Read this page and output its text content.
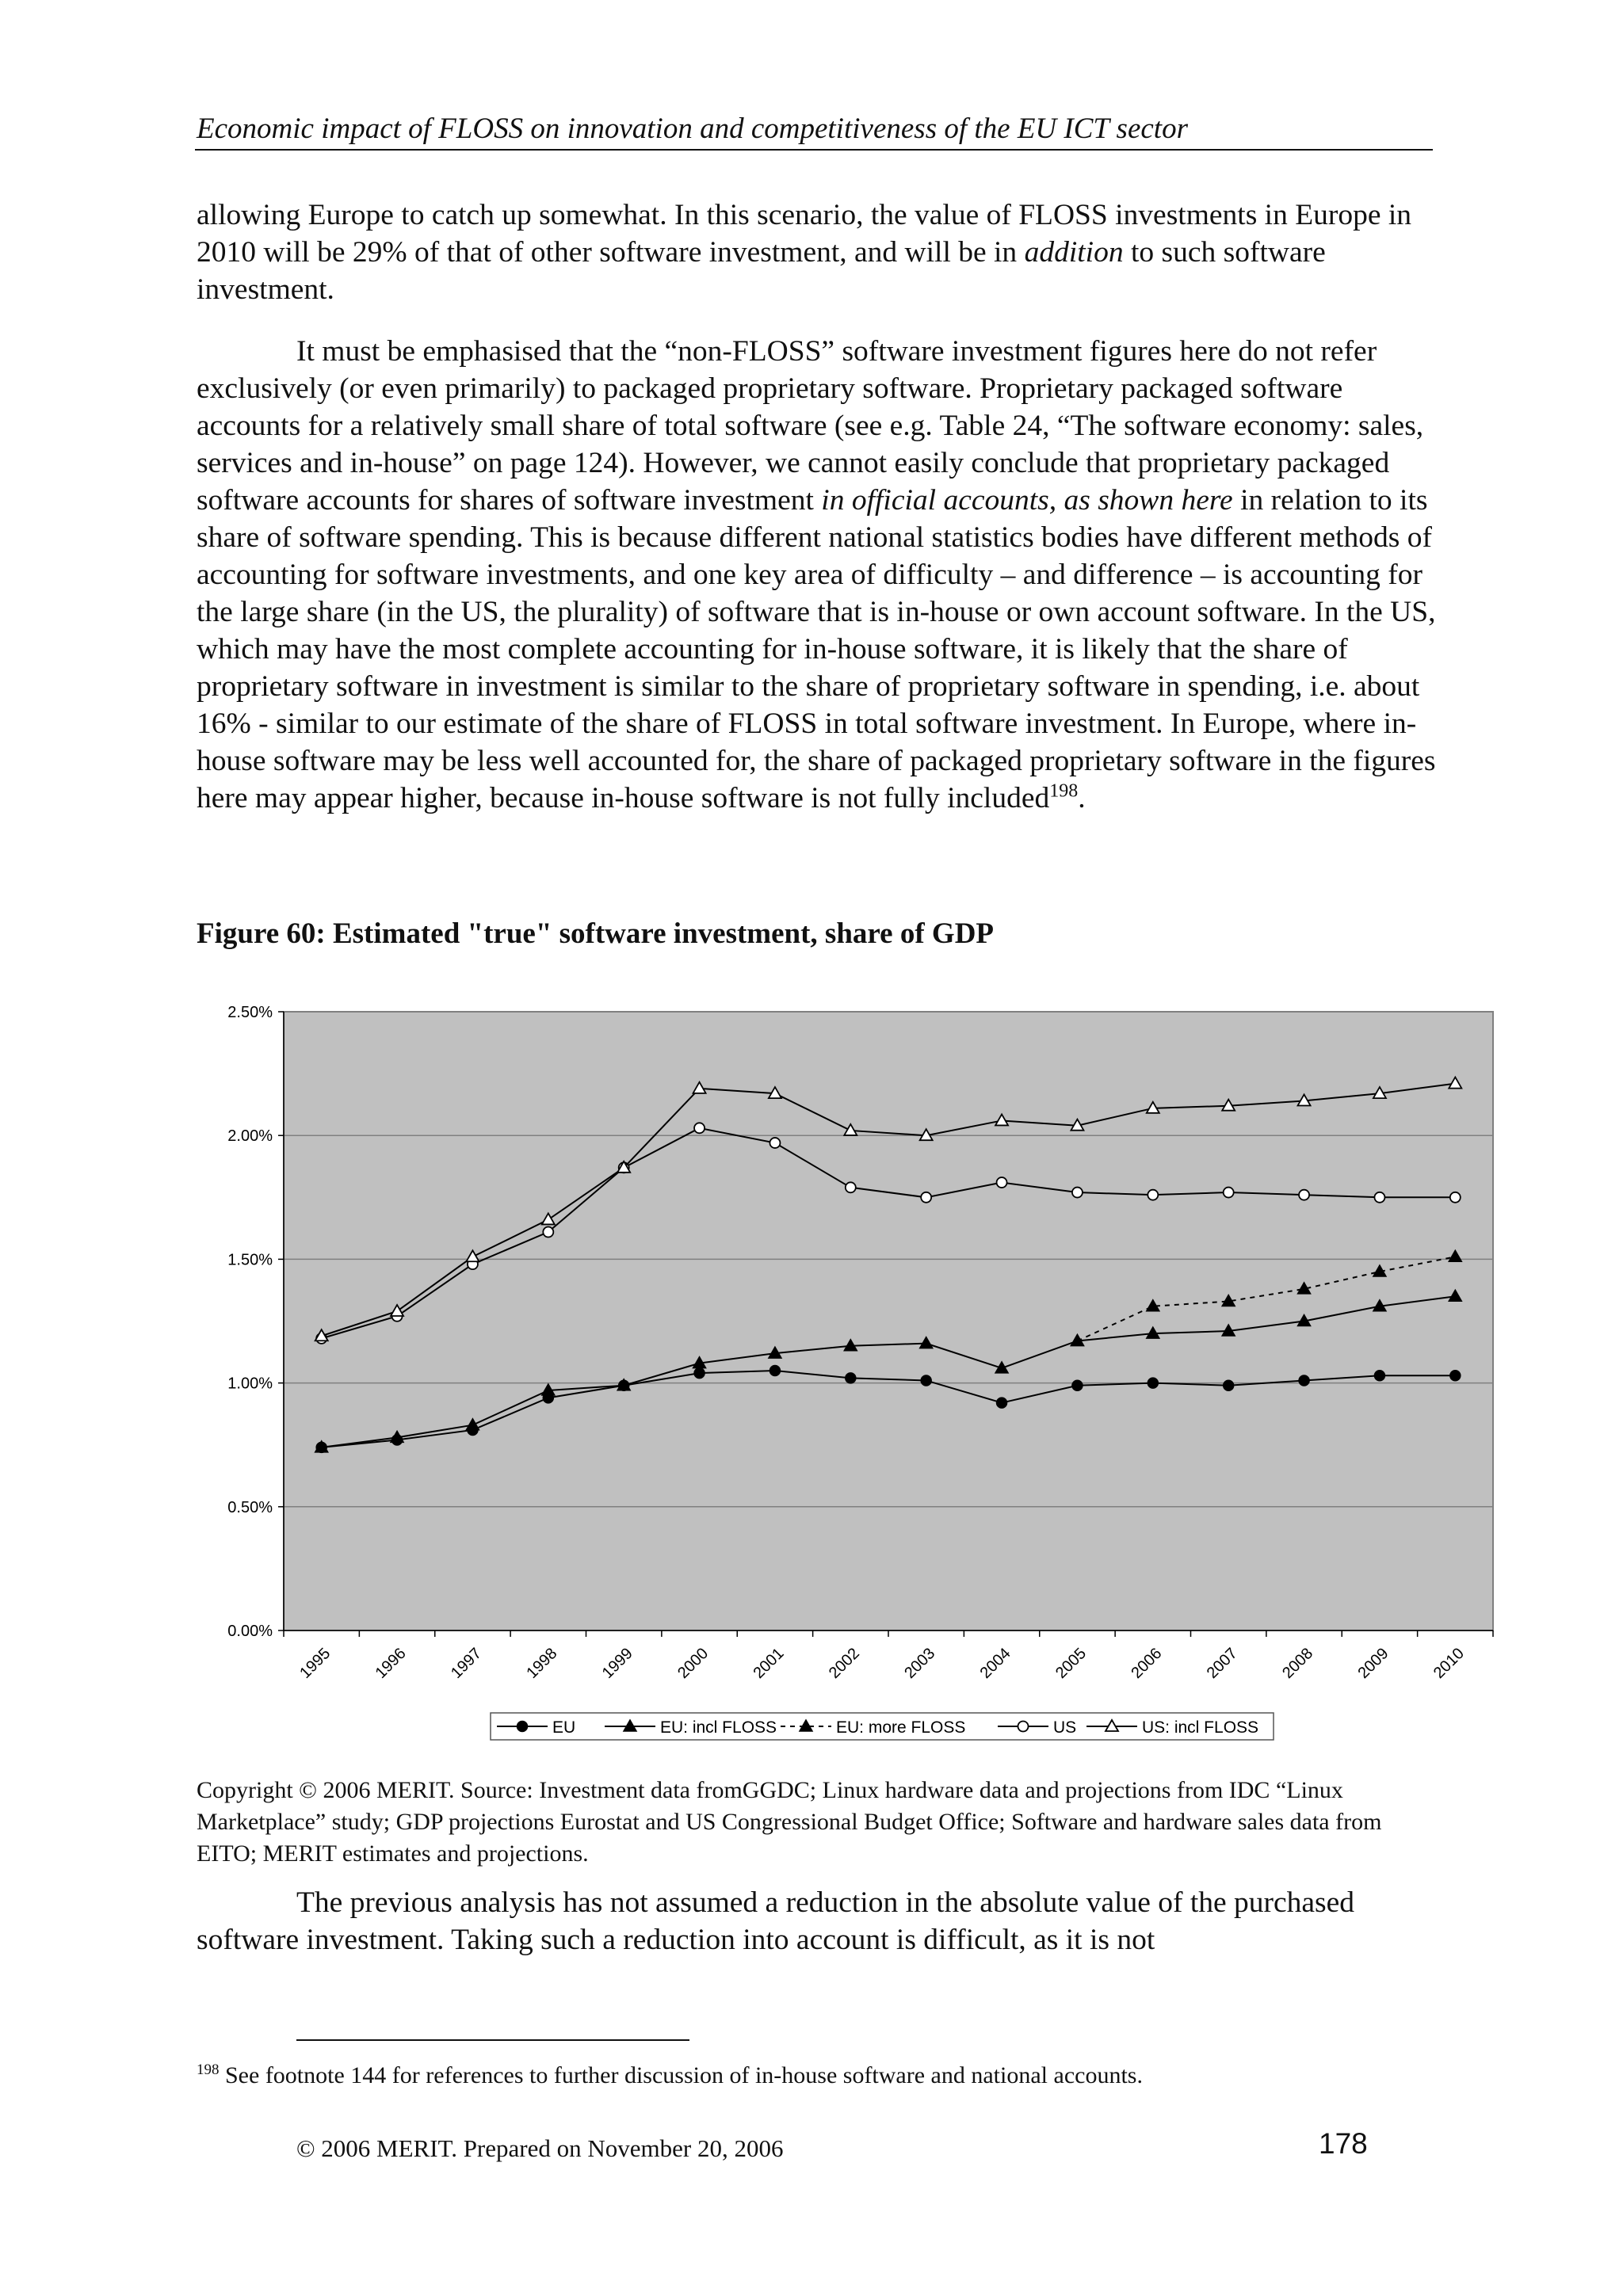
Economic impact of FLOSS on innovation and competitiveness of the EU ICT sector

allowing Europe to catch up somewhat. In this scenario, the value of FLOSS investments in Europe in 2010 will be 29% of that of other software investment, and will be in addition to such software investment.

It must be emphasised that the “non-FLOSS” software investment figures here do not refer exclusively (or even primarily) to packaged proprietary software. Proprietary packaged software accounts for a relatively small share of total software (see e.g. Table 24, “The software economy: sales, services and in-house” on page 124). However, we cannot easily conclude that proprietary packaged software accounts for shares of software investment in official accounts, as shown here in relation to its share of software spending. This is because different national statistics bodies have different methods of accounting for software investments, and one key area of difficulty – and difference – is accounting for the large share (in the US, the plurality) of software that is in-house or own account software. In the US, which may have the most complete accounting for in-house software, it is likely that the share of proprietary software in investment is similar to the share of proprietary software in spending, i.e. about 16% - similar to our estimate of the share of FLOSS in total software investment. In Europe, where in-house software may be less well accounted for, the share of packaged proprietary software in the figures here may appear higher, because in-house software is not fully included$^{198}$.

Figure 60: Estimated "true" software investment, share of GDP
0.00%
0.50%
1.00%
1.50%
2.00%
2.50%
1995 1996 1997 1998 1999 2000 2001 2002 2003 2004 2005 2006 2007 2008 2009 2010
EU	EU: incl FLOSS	EU: more FLOSS	US	US: incl FLOSS

Copyright © 2006 MERIT. Source: Investment data fromGGDC; Linux hardware data and projections from IDC “Linux Marketplace” study; GDP projections Eurostat and US Congressional Budget Office; Software and hardware sales data from EITO; MERIT estimates and projections.

The previous analysis has not assumed a reduction in the absolute value of the purchased software investment. Taking such a reduction into account is difficult, as it is not

$^{198}$ See footnote 144 for references to further discussion of in-house software and national accounts.
© 2006 MERIT. Prepared on November 20, 2006	178
